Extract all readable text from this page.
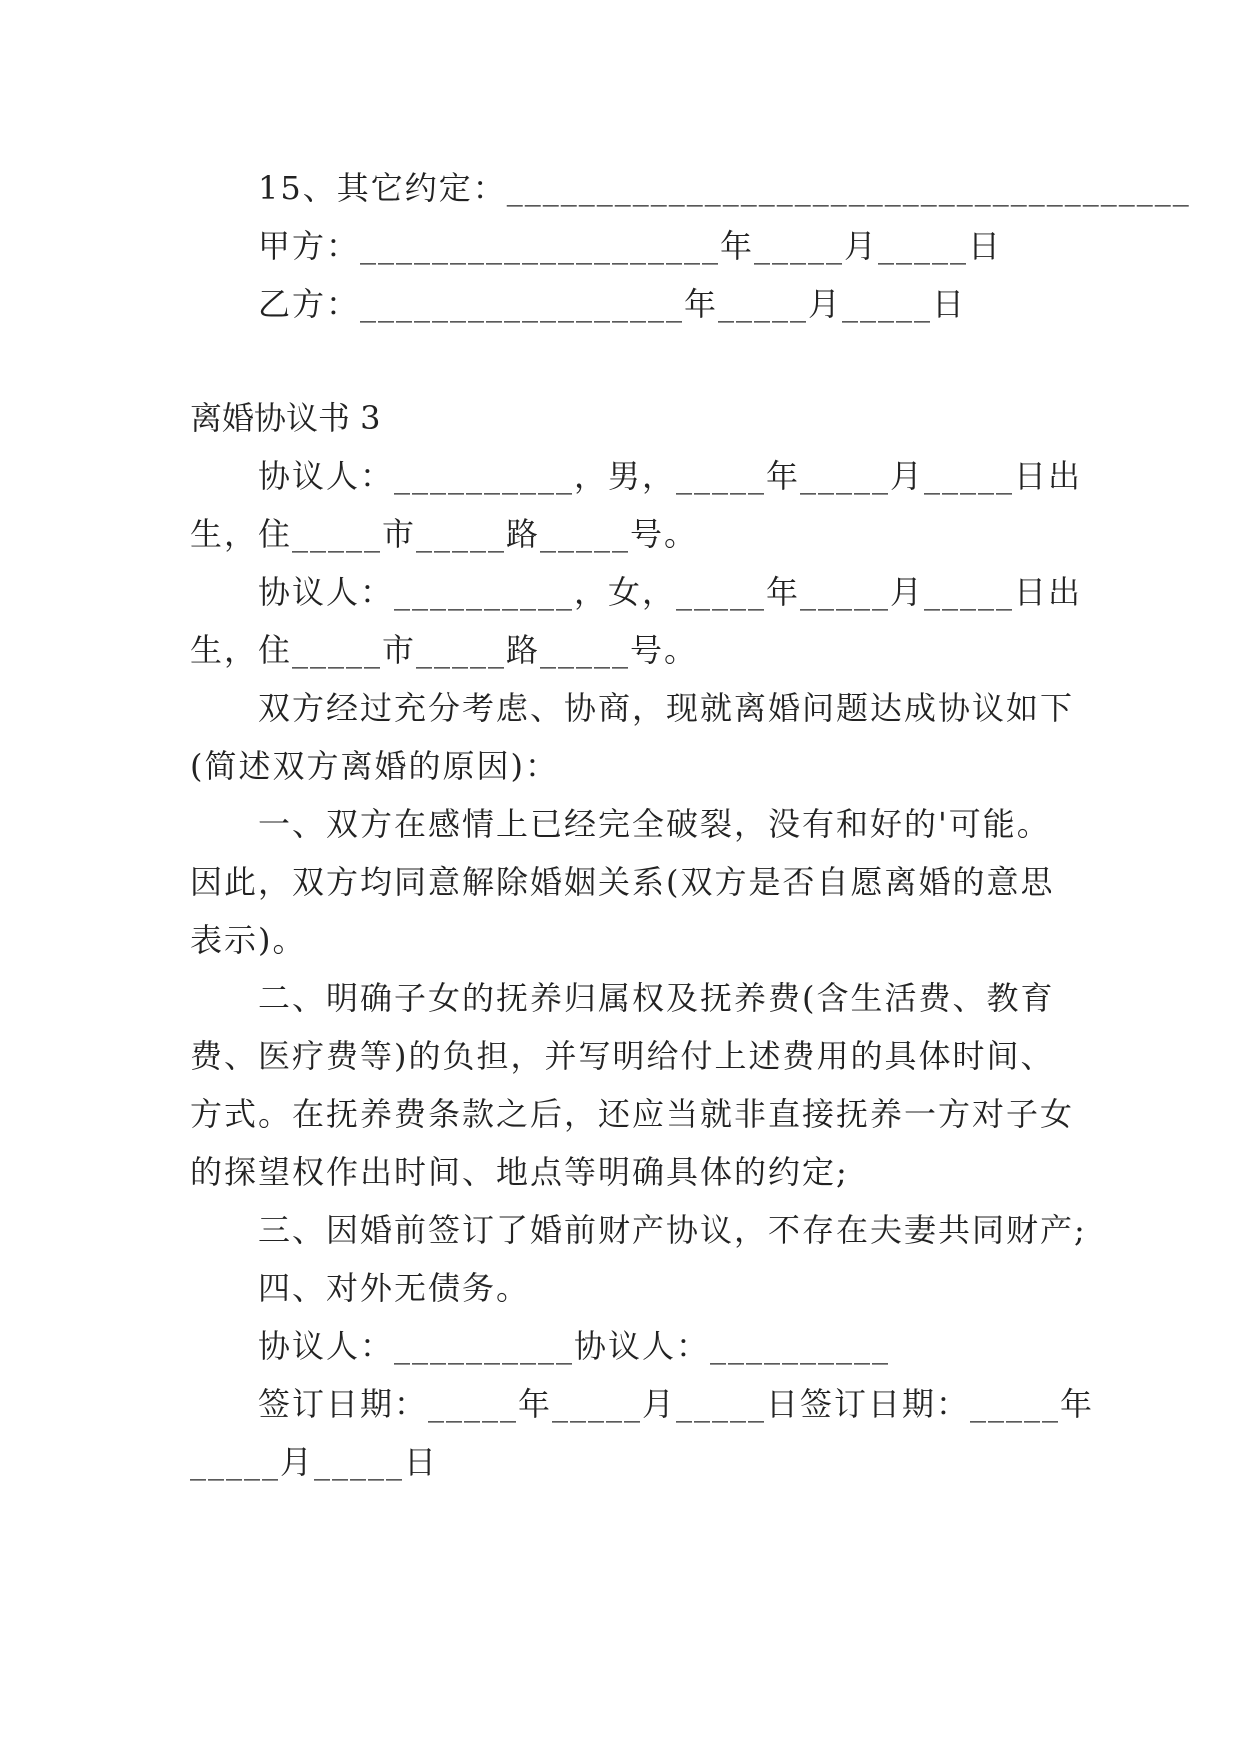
15、其它约定：______________________________________
甲方：____________________年_____月_____日
乙方：__________________年_____月_____日
离婚协议书 3
协议人：__________，男，_____年_____月_____日出
生，住_____市_____路_____号。
协议人：__________，女，_____年_____月_____日出
生，住_____市_____路_____号。
双方经过充分考虑、协商，现就离婚问题达成协议如下
(简述双方离婚的原因)：
一、双方在感情上已经完全破裂，没有和好的'可能。
因此，双方均同意解除婚姻关系(双方是否自愿离婚的意思
表示)。
二、明确子女的抚养归属权及抚养费(含生活费、教育
费、医疗费等)的负担，并写明给付上述费用的具体时间、
方式。在抚养费条款之后，还应当就非直接抚养一方对子女
的探望权作出时间、地点等明确具体的约定;
三、因婚前签订了婚前财产协议，不存在夫妻共同财产;
四、对外无债务。
协议人：__________协议人：__________
签订日期：_____年_____月_____日签订日期：_____年
_____月_____日
